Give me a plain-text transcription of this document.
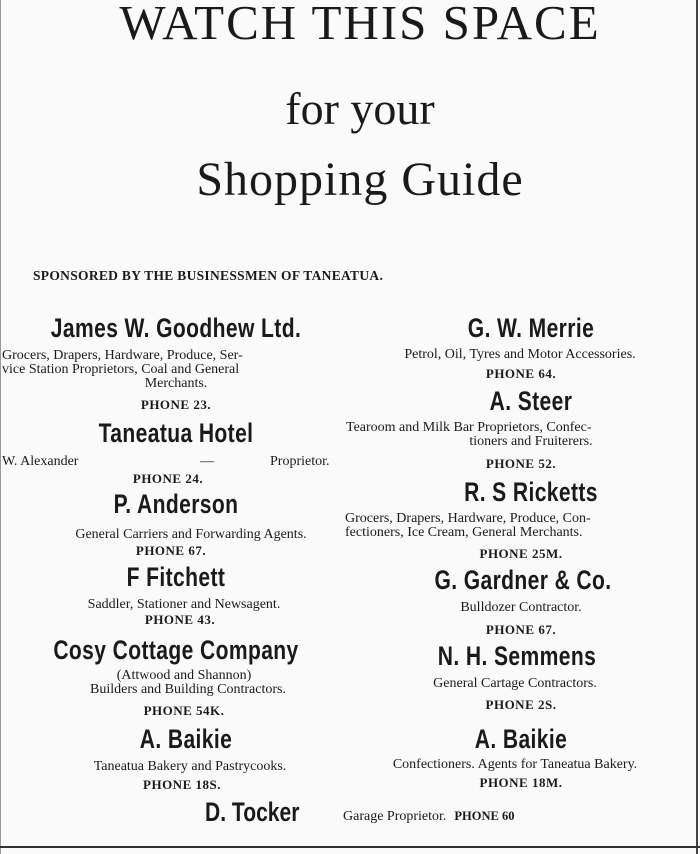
WATCH THIS SPACE
for your
Shopping Guide
SPONSORED BY THE BUSINESSMEN OF TANEATUA.
James W. Goodhew Ltd.
Grocers, Drapers, Hardware, Produce, Ser-
vice Station Proprietors, Coal and General
Merchants.
PHONE 23.
Taneatua Hotel
W. Alexander	—	Proprietor.
PHONE 24.
P. Anderson
General Carriers and Forwarding Agents.
PHONE 67.
F Fitchett
Saddler, Stationer and Newsagent.
PHONE 43.
Cosy Cottage Company
(Attwood and Shannon)
Builders and Building Contractors.
PHONE 54K.
A. Baikie
Taneatua Bakery and Pastrycooks.
PHONE 18S.
G. W. Merrie
Petrol, Oil, Tyres and Motor Accessories.
PHONE 64.
A. Steer
Tearoom and Milk Bar Proprietors, Confec-
tioners and Fruiterers.
PHONE 52.
R. S Ricketts
Grocers, Drapers, Hardware, Produce, Con-
fectioners, Ice Cream, General Merchants.
PHONE 25M.
G. Gardner & Co.
Bulldozer Contractor.
PHONE 67.
N. H. Semmens
General Cartage Contractors.
PHONE 2S.
A. Baikie
Confectioners. Agents for Taneatua Bakery.
PHONE 18M.
D. Tocker	Garage Proprietor. PHONE 60
